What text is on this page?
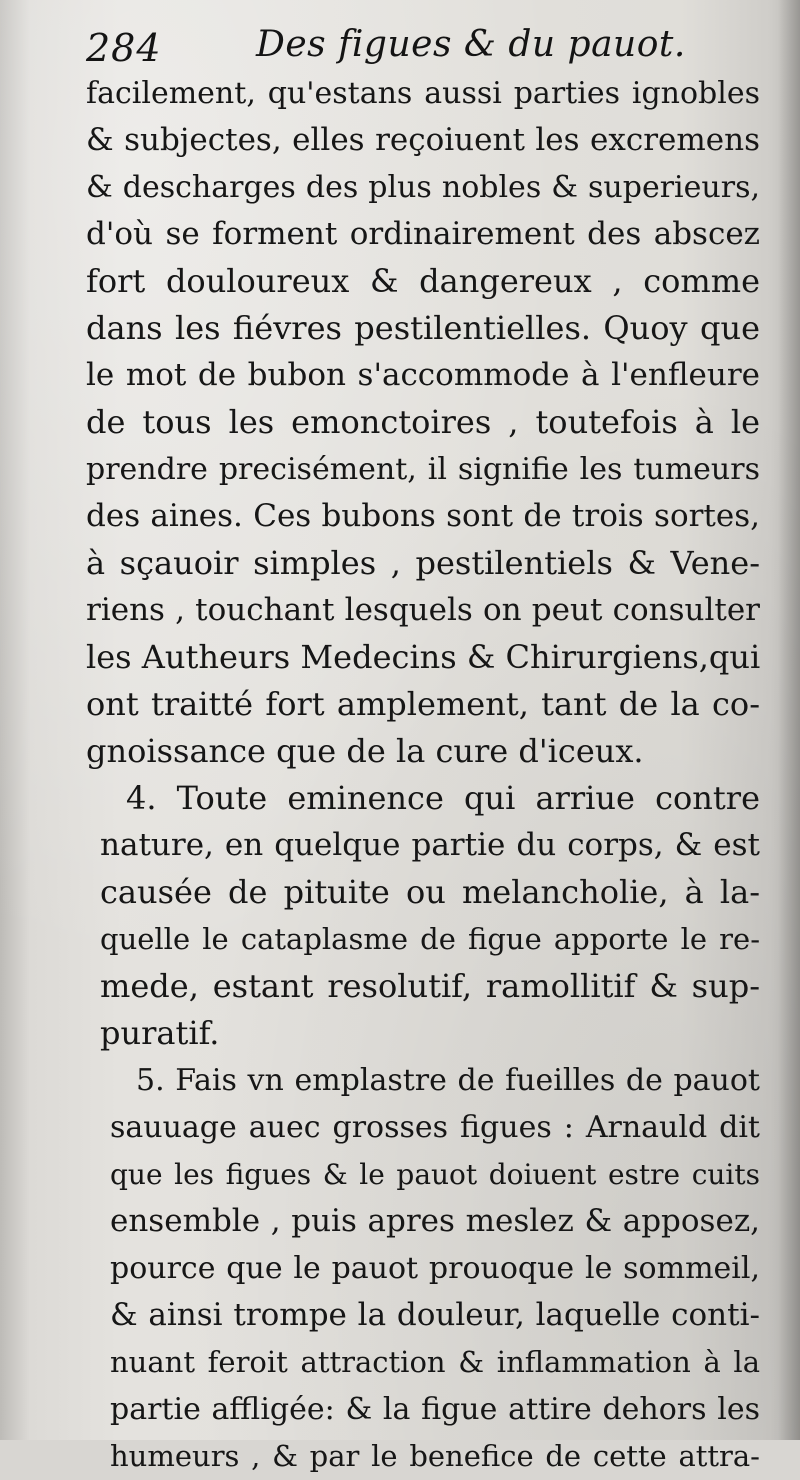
284	Des figues & du pauot.
facilement, qu'estans aussi parties ignobles
& subjectes, elles reçoiuent les excremens
& descharges des plus nobles & superieurs,
d'où se forment ordinairement des abscez
fort douloureux & dangereux , comme
dans les fiévres pestilentielles. Quoy que
le mot de bubon s'accommode à l'enfleure
de tous les emonctoires , toutefois à le
prendre precisément, il signifie les tumeurs
des aines. Ces bubons sont de trois sortes,
à sçauoir simples , pestilentiels & Vene-
riens , touchant lesquels on peut consulter
les Autheurs Medecins & Chirurgiens,qui
ont traitté fort amplement, tant de la co-
gnoissance que de la cure d'iceux.
4. Toute eminence qui arriue contre
nature, en quelque partie du corps, & est
causée de pituite ou melancholie, à la-
quelle le cataplasme de figue apporte le re-
mede, estant resolutif, ramollitif & sup-
puratif.
5. Fais vn emplastre de fueilles de pauot
sauuage auec grosses figues : Arnauld dit
que les figues & le pauot doiuent estre cuits
ensemble , puis apres meslez & apposez,
pource que le pauot prouoque le sommeil,
& ainsi trompe la douleur, laquelle conti-
nuant feroit attraction & inflammation à la
partie affligée: & la figue attire dehors les
humeurs , & par le benefice de cette attra-
